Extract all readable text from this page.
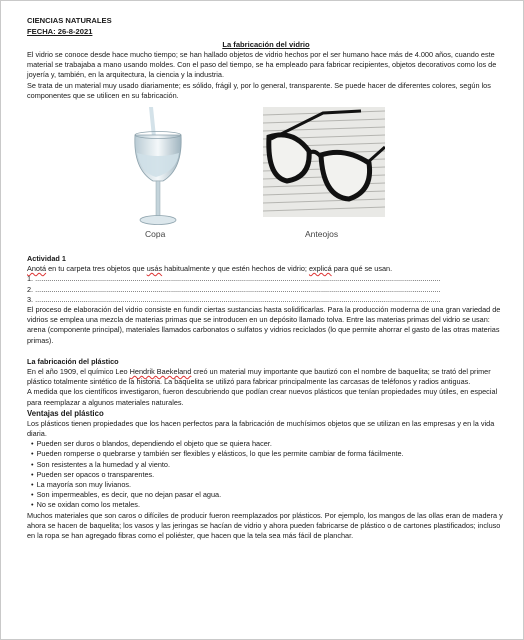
CIENCIAS NATURALES
FECHA: 26-8-2021
La fabricación del vidrio

El vidrio se conoce desde hace mucho tiempo; se han hallado objetos de vidrio hechos por el ser humano hace más de 4.000 años, cuando este material se trabajaba a mano usando moldes. Con el paso del tiempo, se ha empleado para fabricar recipientes, objetos decorativos como los de joyería y, también, en la arquitectura, la ciencia y la industria.

Se trata de un material muy usado diariamente; es sólido, frágil y, por lo general, transparente. Se puede hacer de diferentes colores, según los componentes que se utilicen en su fabricación.

Copa	Anteojos
Actividad 1

Anotá en tu carpeta tres objetos que usás habitualmente y que estén hechos de vidrio; explicá para qué se usan.

1. ........................................................................................................................................................................................................
2. ........................................................................................................................................................................................................
3. ........................................................................................................................................................................................................

El proceso de elaboración del vidrio consiste en fundir ciertas sustancias hasta solidificarlas. Para la producción moderna de una gran variedad de vidrios se emplea una mezcla de materias primas que se introducen en un depósito llamado tolva. Entre las materias primas del vidrio se usan: arena (componente principal), materiales llamados carbonatos o sulfatos y vidrios reciclados (lo que permite ahorrar el gasto de las otras materias primas).

La fabricación del plástico

En el año 1909, el químico Leo Hendrik Baekeland creó un material muy importante que bautizó con el nombre de baquelita; se trató del primer plástico totalmente sintético de la historia. La baquelita se utilizó para fabricar principalmente las carcasas de teléfonos y radios antiguas.

A medida que los científicos investigaron, fueron descubriendo que podían crear nuevos plásticos que tenían propiedades muy útiles, en especial para reemplazar a algunos materiales naturales.

Ventajas del plástico

Los plásticos tienen propiedades que los hacen perfectos para la fabricación de muchísimos objetos que se utilizan en las empresas y en la vida diaria.

• Pueden ser duros o blandos, dependiendo el objeto que se quiera hacer.
• Pueden romperse o quebrarse y también ser flexibles y elásticos, lo que les permite cambiar de forma fácilmente.
• Son resistentes a la humedad y al viento.
• Pueden ser opacos o transparentes.
• La mayoría son muy livianos.
• Son impermeables, es decir, que no dejan pasar el agua.
• No se oxidan como los metales.

Muchos materiales que son caros o difíciles de producir fueron reemplazados por plásticos. Por ejemplo, los mangos de las ollas eran de madera y ahora se hacen de baquelita; los vasos y las jeringas se hacían de vidrio y ahora pueden fabricarse de plástico o de cartones plastificados; incluso en la ropa se han agregado fibras como el poliéster, que hacen que la tela sea más fácil de planchar.
